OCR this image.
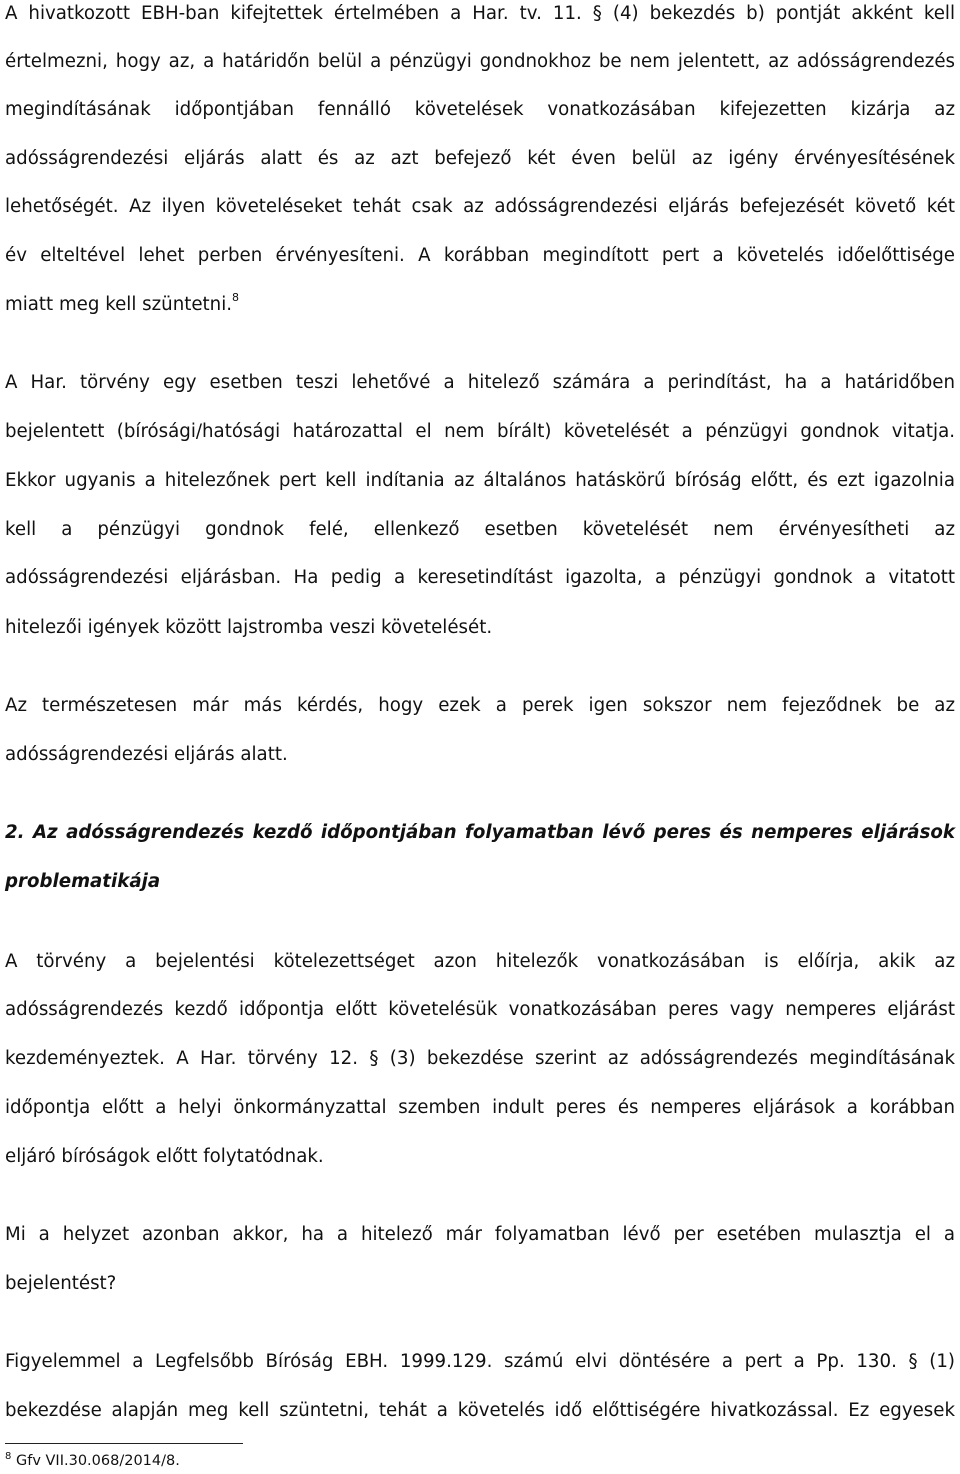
A hivatkozott EBH-ban kifejtettek értelmében a Har. tv. 11. § (4) bekezdés b) pontját akként kell
értelmezni, hogy az, a határidőn belül a pénzügyi gondnokhoz be nem jelentett, az adósságrendezés
megindításának időpontjában fennálló követelések vonatkozásában kifejezetten kizárja az
adósságrendezési eljárás alatt és az azt befejező két éven belül az igény érvényesítésének
lehetőségét. Az ilyen követeléseket tehát csak az adósságrendezési eljárás befejezését követő két
év elteltével lehet perben érvényesíteni. A korábban megindított pert a követelés időelőttisége
miatt meg kell szüntetni.$^8$
A Har. törvény egy esetben teszi lehetővé a hitelező számára a perindítást, ha a határidőben
bejelentett (bírósági/hatósági határozattal el nem bírált) követelését a pénzügyi gondnok vitatja.
Ekkor ugyanis a hitelezőnek pert kell indítania az általános hatáskörű bíróság előtt, és ezt igazolnia
kell a pénzügyi gondnok felé, ellenkező esetben követelését nem érvényesítheti az
adósságrendezési eljárásban. Ha pedig a keresetindítást igazolta, a pénzügyi gondnok a vitatott
hitelezői igények között lajstromba veszi követelését.
Az természetesen már más kérdés, hogy ezek a perek igen sokszor nem fejeződnek be az
adósságrendezési eljárás alatt.
2. Az adósságrendezés kezdő időpontjában folyamatban lévő peres és nemperes eljárások
problematikája
A törvény a bejelentési kötelezettséget azon hitelezők vonatkozásában is előírja, akik az
adósságrendezés kezdő időpontja előtt követelésük vonatkozásában peres vagy nemperes eljárást
kezdeményeztek. A Har. törvény 12. § (3) bekezdése szerint az adósságrendezés megindításának
időpontja előtt a helyi önkormányzattal szemben indult peres és nemperes eljárások a korábban
eljáró bíróságok előtt folytatódnak.
Mi a helyzet azonban akkor, ha a hitelező már folyamatban lévő per esetében mulasztja el a
bejelentést?
Figyelemmel a Legfelsőbb Bíróság EBH. 1999.129. számú elvi döntésére a pert a Pp. 130. § (1)
bekezdése alapján meg kell szüntetni, tehát a követelés idő előttiségére hivatkozással. Ez egyesek
$^8$ Gfv VII.30.068/2014/8.
